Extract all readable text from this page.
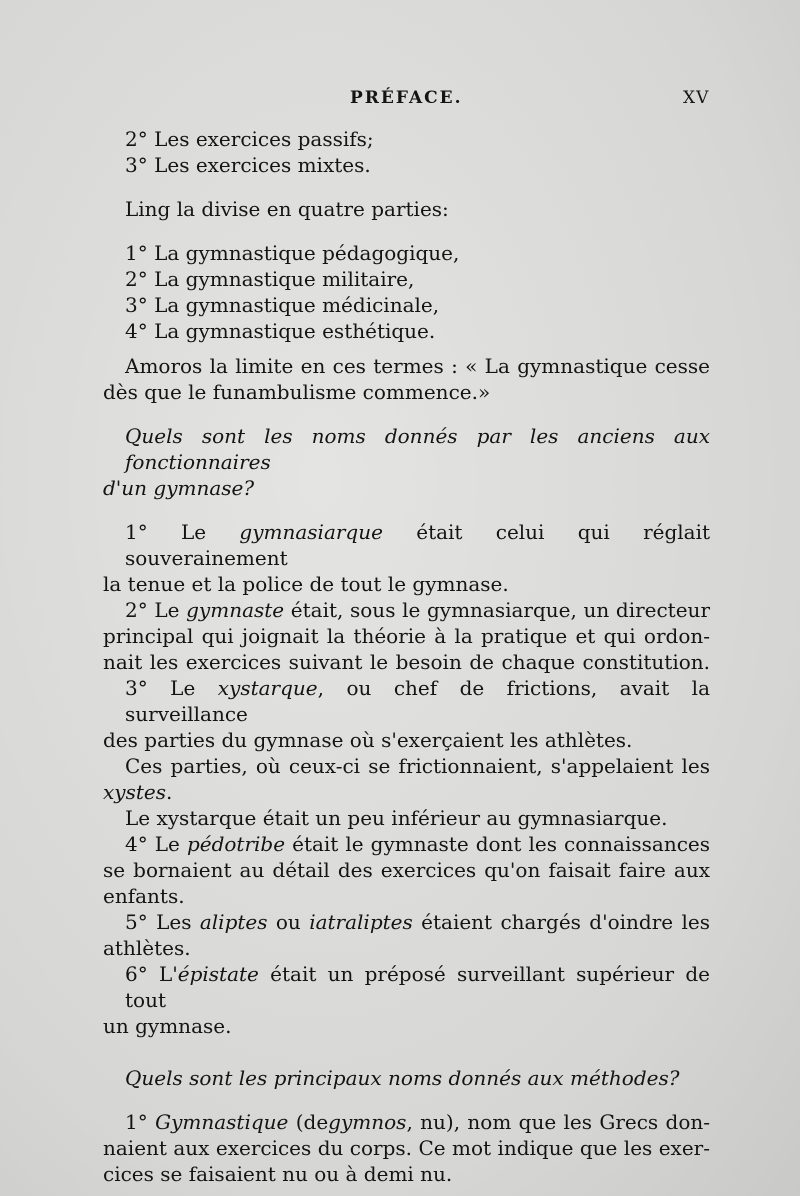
PRÉFACE.	XV
2° Les exercices passifs;
3° Les exercices mixtes.
Ling la divise en quatre parties:
1° La gymnastique pédagogique,
2° La gymnastique militaire,
3° La gymnastique médicinale,
4° La gymnastique esthétique.
Amoros la limite en ces termes : « La gymnastique cesse
dès que le funambulisme commence.»
Quels sont les noms donnés par les anciens aux fonctionnaires
d'un gymnase?
1° Le gymnasiarque était celui qui réglait souverainement
la tenue et la police de tout le gymnase.
2° Le gymnaste était, sous le gymnasiarque, un directeur
principal qui joignait la théorie à la pratique et qui ordon-
nait les exercices suivant le besoin de chaque constitution.
3° Le xystarque, ou chef de frictions, avait la surveillance
des parties du gymnase où s'exerçaient les athlètes.
Ces parties, où ceux-ci se frictionnaient, s'appelaient les
xystes.
Le xystarque était un peu inférieur au gymnasiarque.
4° Le pédotribe était le gymnaste dont les connaissances
se bornaient au détail des exercices qu'on faisait faire aux
enfants.
5° Les aliptes ou iatraliptes étaient chargés d'oindre les
athlètes.
6° L'épistate était un préposé surveillant supérieur de tout
un gymnase.
Quels sont les principaux noms donnés aux méthodes?
1° Gymnastique (degymnos, nu), nom que les Grecs don-
naient aux exercices du corps. Ce mot indique que les exer-
cices se faisaient nu ou à demi nu.
